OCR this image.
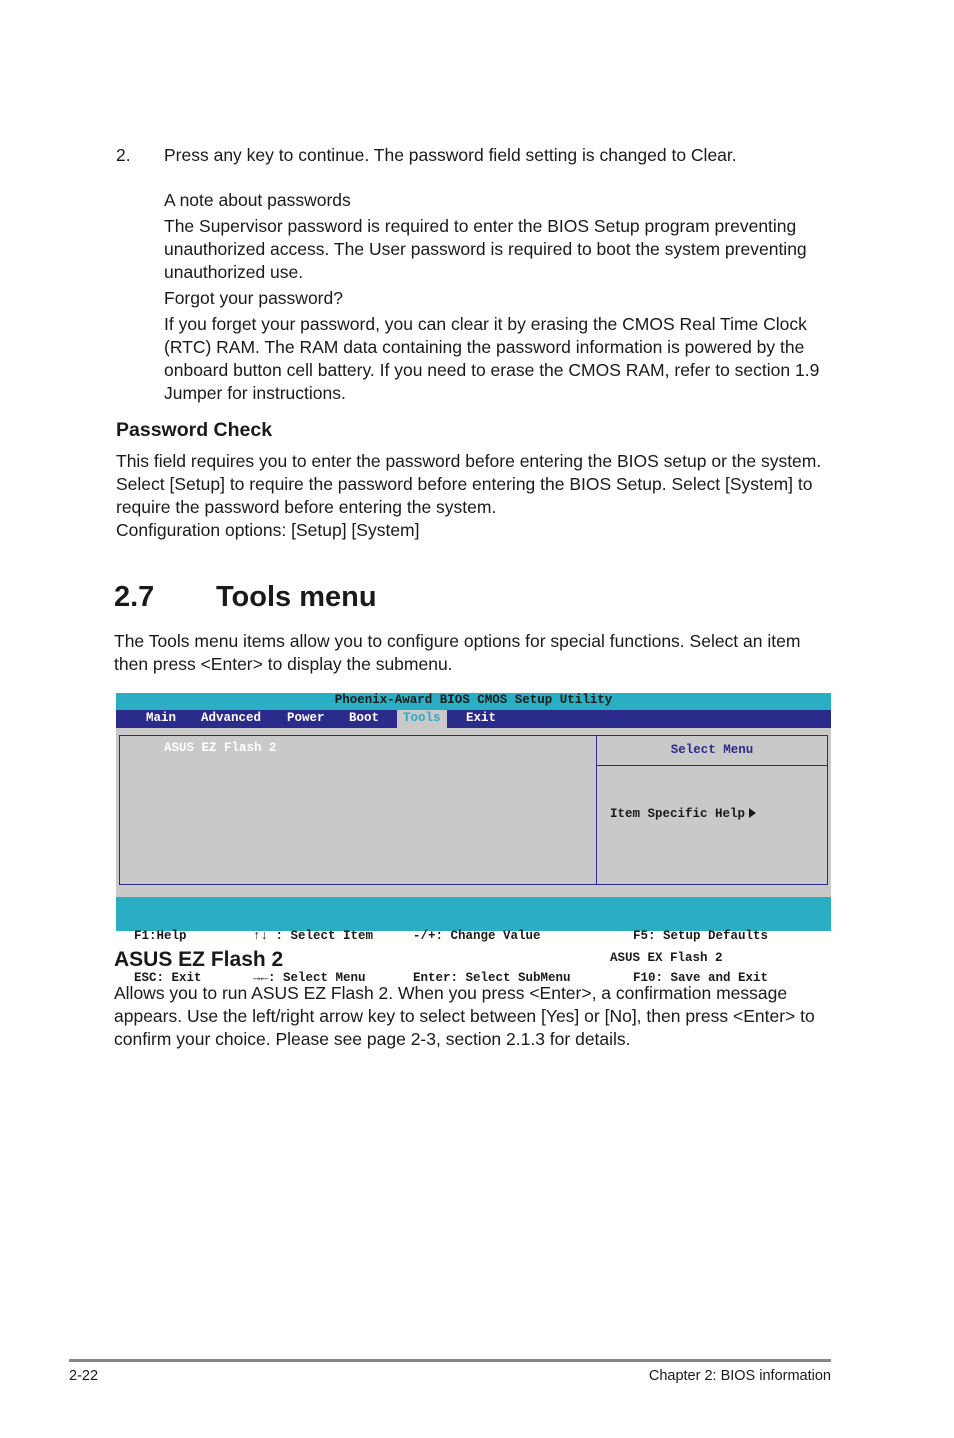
2. Press any key to continue. The password field setting is changed to Clear.

A note about passwords

The Supervisor password is required to enter the BIOS Setup program preventing unauthorized access. The User password is required to boot the system preventing unauthorized use.

Forgot your password?

If you forget your password, you can clear it by erasing the CMOS Real Time Clock (RTC) RAM. The RAM data containing the password information is powered by the onboard button cell battery. If you need to erase the CMOS RAM, refer to section 1.9 Jumper for instructions.

Password Check

This field requires you to enter the password before entering the BIOS setup or the system. Select [Setup] to require the password before entering the BIOS Setup. Select [System] to require the password before entering the system.

Configuration options: [Setup] [System]

2.7 Tools menu
The Tools menu items allow you to configure options for special functions. Select an item then press <Enter> to display the submenu.
Phoenix-Award BIOS CMOS Setup Utility
Main	Advanced	Power	Boot	Tools	Exit
ASUS EZ Flash 2	Select Menu

Item Specific Help

ASUS EX Flash 2

F1:Help

ESC: Exit

↑↓ : Select Item

→←: Select Menu

-/+: Change Value

Enter: Select SubMenu

F5: Setup Defaults

F10: Save and Exit

ASUS EZ Flash 2
Allows you to run ASUS EZ Flash 2. When you press <Enter>, a confirmation message appears. Use the left/right arrow key to select between [Yes] or [No], then press <Enter> to confirm your choice. Please see page 2-3, section 2.1.3 for details.
2-22	Chapter 2: BIOS information
